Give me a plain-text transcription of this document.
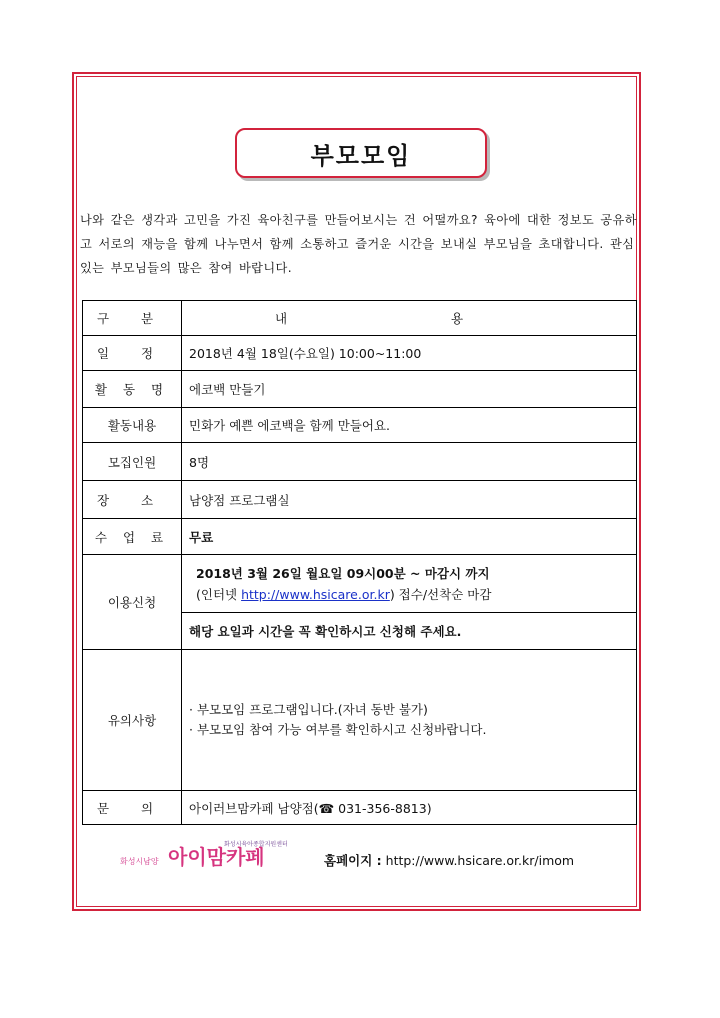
부모모임
나와 같은 생각과 고민을 가진 육아친구를 만들어보시는 건 어떨까요? 육아에 대한 정보도 공유하고 서로의 재능을 함께 나누면서 함께 소통하고 즐거운 시간을 보내실 부모님을 초대합니다. 관심 있는 부모님들의 많은 참여 바랍니다.
구 분	내 용
일 정	2018년 4월 18일(수요일) 10:00~11:00
활 동 명	에코백 만들기
활동내용	민화가 예쁜 에코백을 함께 만들어요.
모집인원	8명
장 소	남양점 프로그램실
수 업 료	무료
이용신청	2018년 3월 26일 월요일 09시00분 ~ 마감시 까지
(인터넷 http://www.hsicare.or.kr) 접수/선착순 마감

	해당 요일과 시간을 꼭 확인하시고 신청해 주세요.
유의사항	· 부모모임 프로그램입니다.(자녀 동반 불가)
· 부모모임 참여 가능 여부를 확인하시고 신청바랍니다.

문 의	아이러브맘카페 남양점(☎ 031-356-8813)
화성시남양
화성시육아종합지원센터
아이맘카페	홈페이지 : http://www.hsicare.or.kr/imom
